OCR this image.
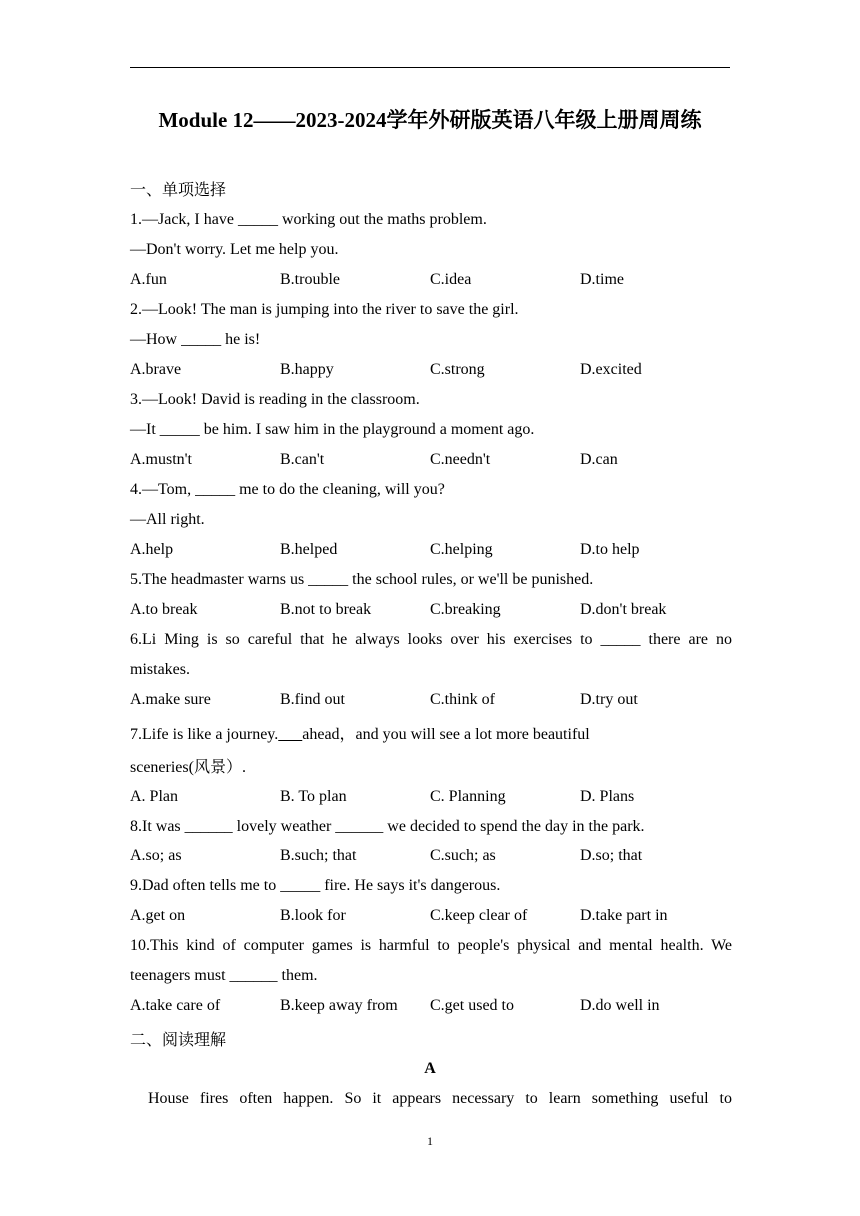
Module 12——2023-2024学年外研版英语八年级上册周周练
一、单项选择
1.—Jack, I have _____ working out the maths problem.
—Don't worry. Let me help you.
A.fun	B.trouble	C.idea	D.time
2.—Look! The man is jumping into the river to save the girl.
—How _____ he is!
A.brave	B.happy	C.strong	D.excited
3.—Look! David is reading in the classroom.
—It _____ be him. I saw him in the playground a moment ago.
A.mustn't	B.can't	C.needn't	D.can
4.—Tom, _____ me to do the cleaning, will you?
—All right.
A.help	B.helped	C.helping	D.to help
5.The headmaster warns us _____ the school rules, or we'll be punished.
A.to break	B.not to break	C.breaking	D.don't break
6.Li Ming is so careful that he always looks over his exercises to _____ there are no
mistakes.
A.make sure	B.find out	C.think of	D.try out
7.Life is like a journey. ahead，and you will see a lot more beautiful
sceneries(风景）.
A. Plan	B. To plan	C. Planning	D. Plans
8.It was ______ lovely weather ______ we decided to spend the day in the park.
A.so; as	B.such; that	C.such; as	D.so; that
9.Dad often tells me to _____ fire. He says it's dangerous.
A.get on	B.look for	C.keep clear of	D.take part in
10.This kind of computer games is harmful to people's physical and mental health. We
teenagers must ______ them.
A.take care of	B.keep away from C.get used to	D.do well in
二、阅读理解
A
House fires often happen. So it appears necessary to learn something useful to
1
